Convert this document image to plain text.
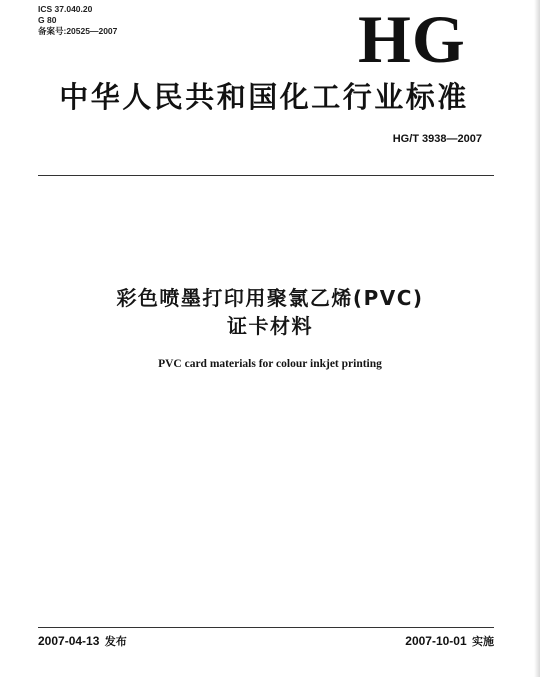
ICS 37.040.20
G 80
备案号:20525—2007	HG
中华人民共和国化工行业标准
HG/T 3938—2007
彩色喷墨打印用聚氯乙烯(PVC)
证卡材料
PVC card materials for colour inkjet printing
2007-04-13 发布	2007-10-01 实施
